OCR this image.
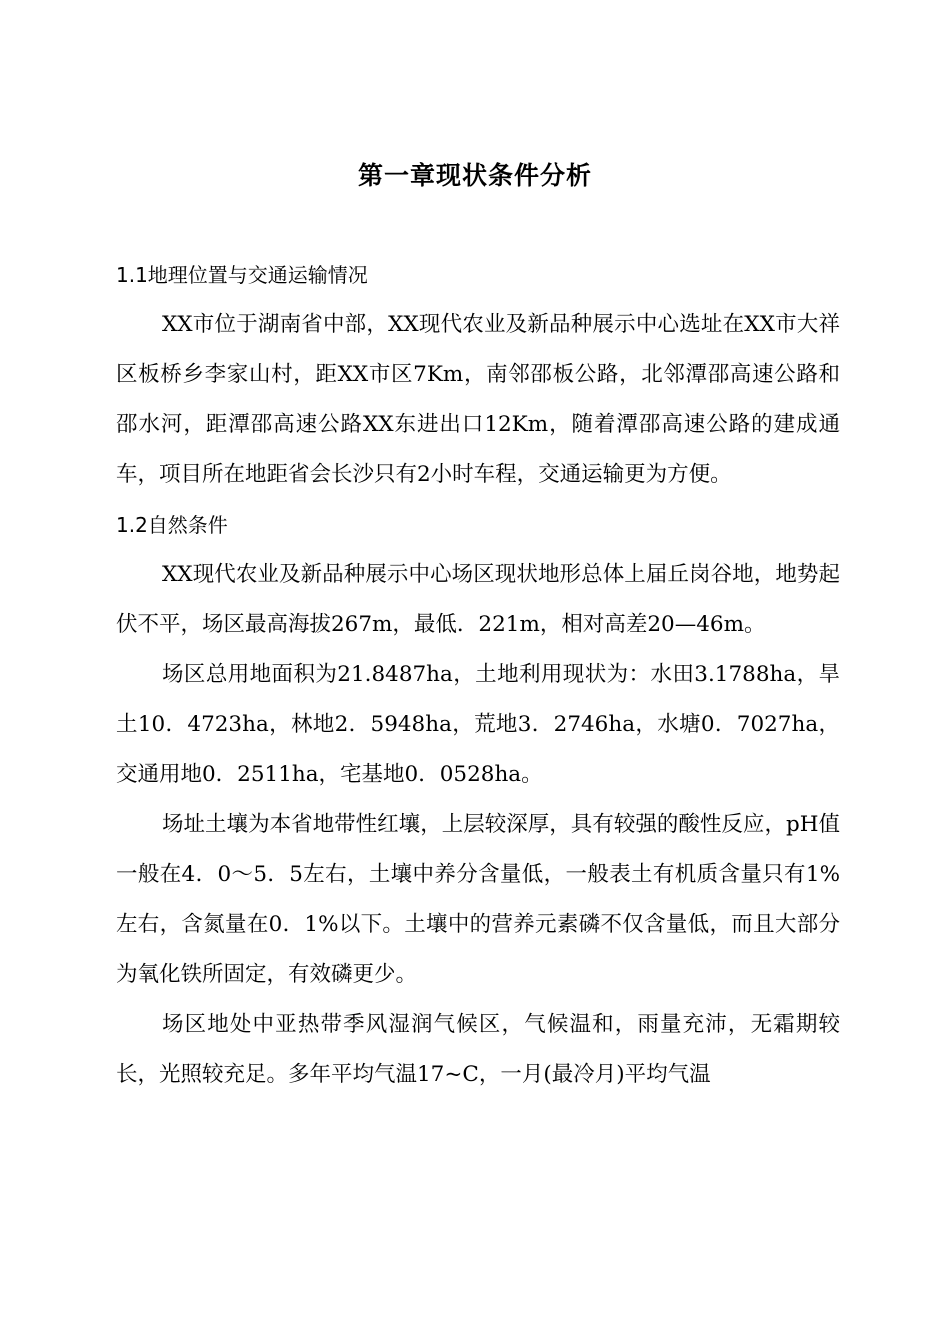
第一章现状条件分析
1.1地理位置与交通运输情况

XX市位于湖南省中部，XX现代农业及新品种展示中心选址在XX市大祥区板桥乡李家山村，距XX市区7Km，南邻邵板公路，北邻潭邵高速公路和邵水河，距潭邵高速公路XX东进出口12Km，随着潭邵高速公路的建成通车，项目所在地距省会长沙只有2小时车程，交通运输更为方便。

1.2自然条件

XX现代农业及新品种展示中心场区现状地形总体上届丘岗谷地，地势起伏不平，场区最高海拔267m，最低．221m，相对高差20—46m。

场区总用地面积为21.8487ha，土地利用现状为：水田3.1788ha，旱土10．4723ha，林地2．5948ha，荒地3．2746ha，水塘0．7027ha，交通用地0．2511ha，宅基地0．0528ha。

场址土壤为本省地带性红壤，上层较深厚，具有较强的酸性反应，pH值一般在4．0～5．5左右，土壤中养分含量低，一般表土有机质含量只有1%左右，含氮量在0．1%以下。土壤中的营养元素磷不仅含量低，而且大部分为氧化铁所固定，有效磷更少。

场区地处中亚热带季风湿润气候区，气候温和，雨量充沛，无霜期较长，光照较充足。多年平均气温17~C，一月(最冷月)平均气温
